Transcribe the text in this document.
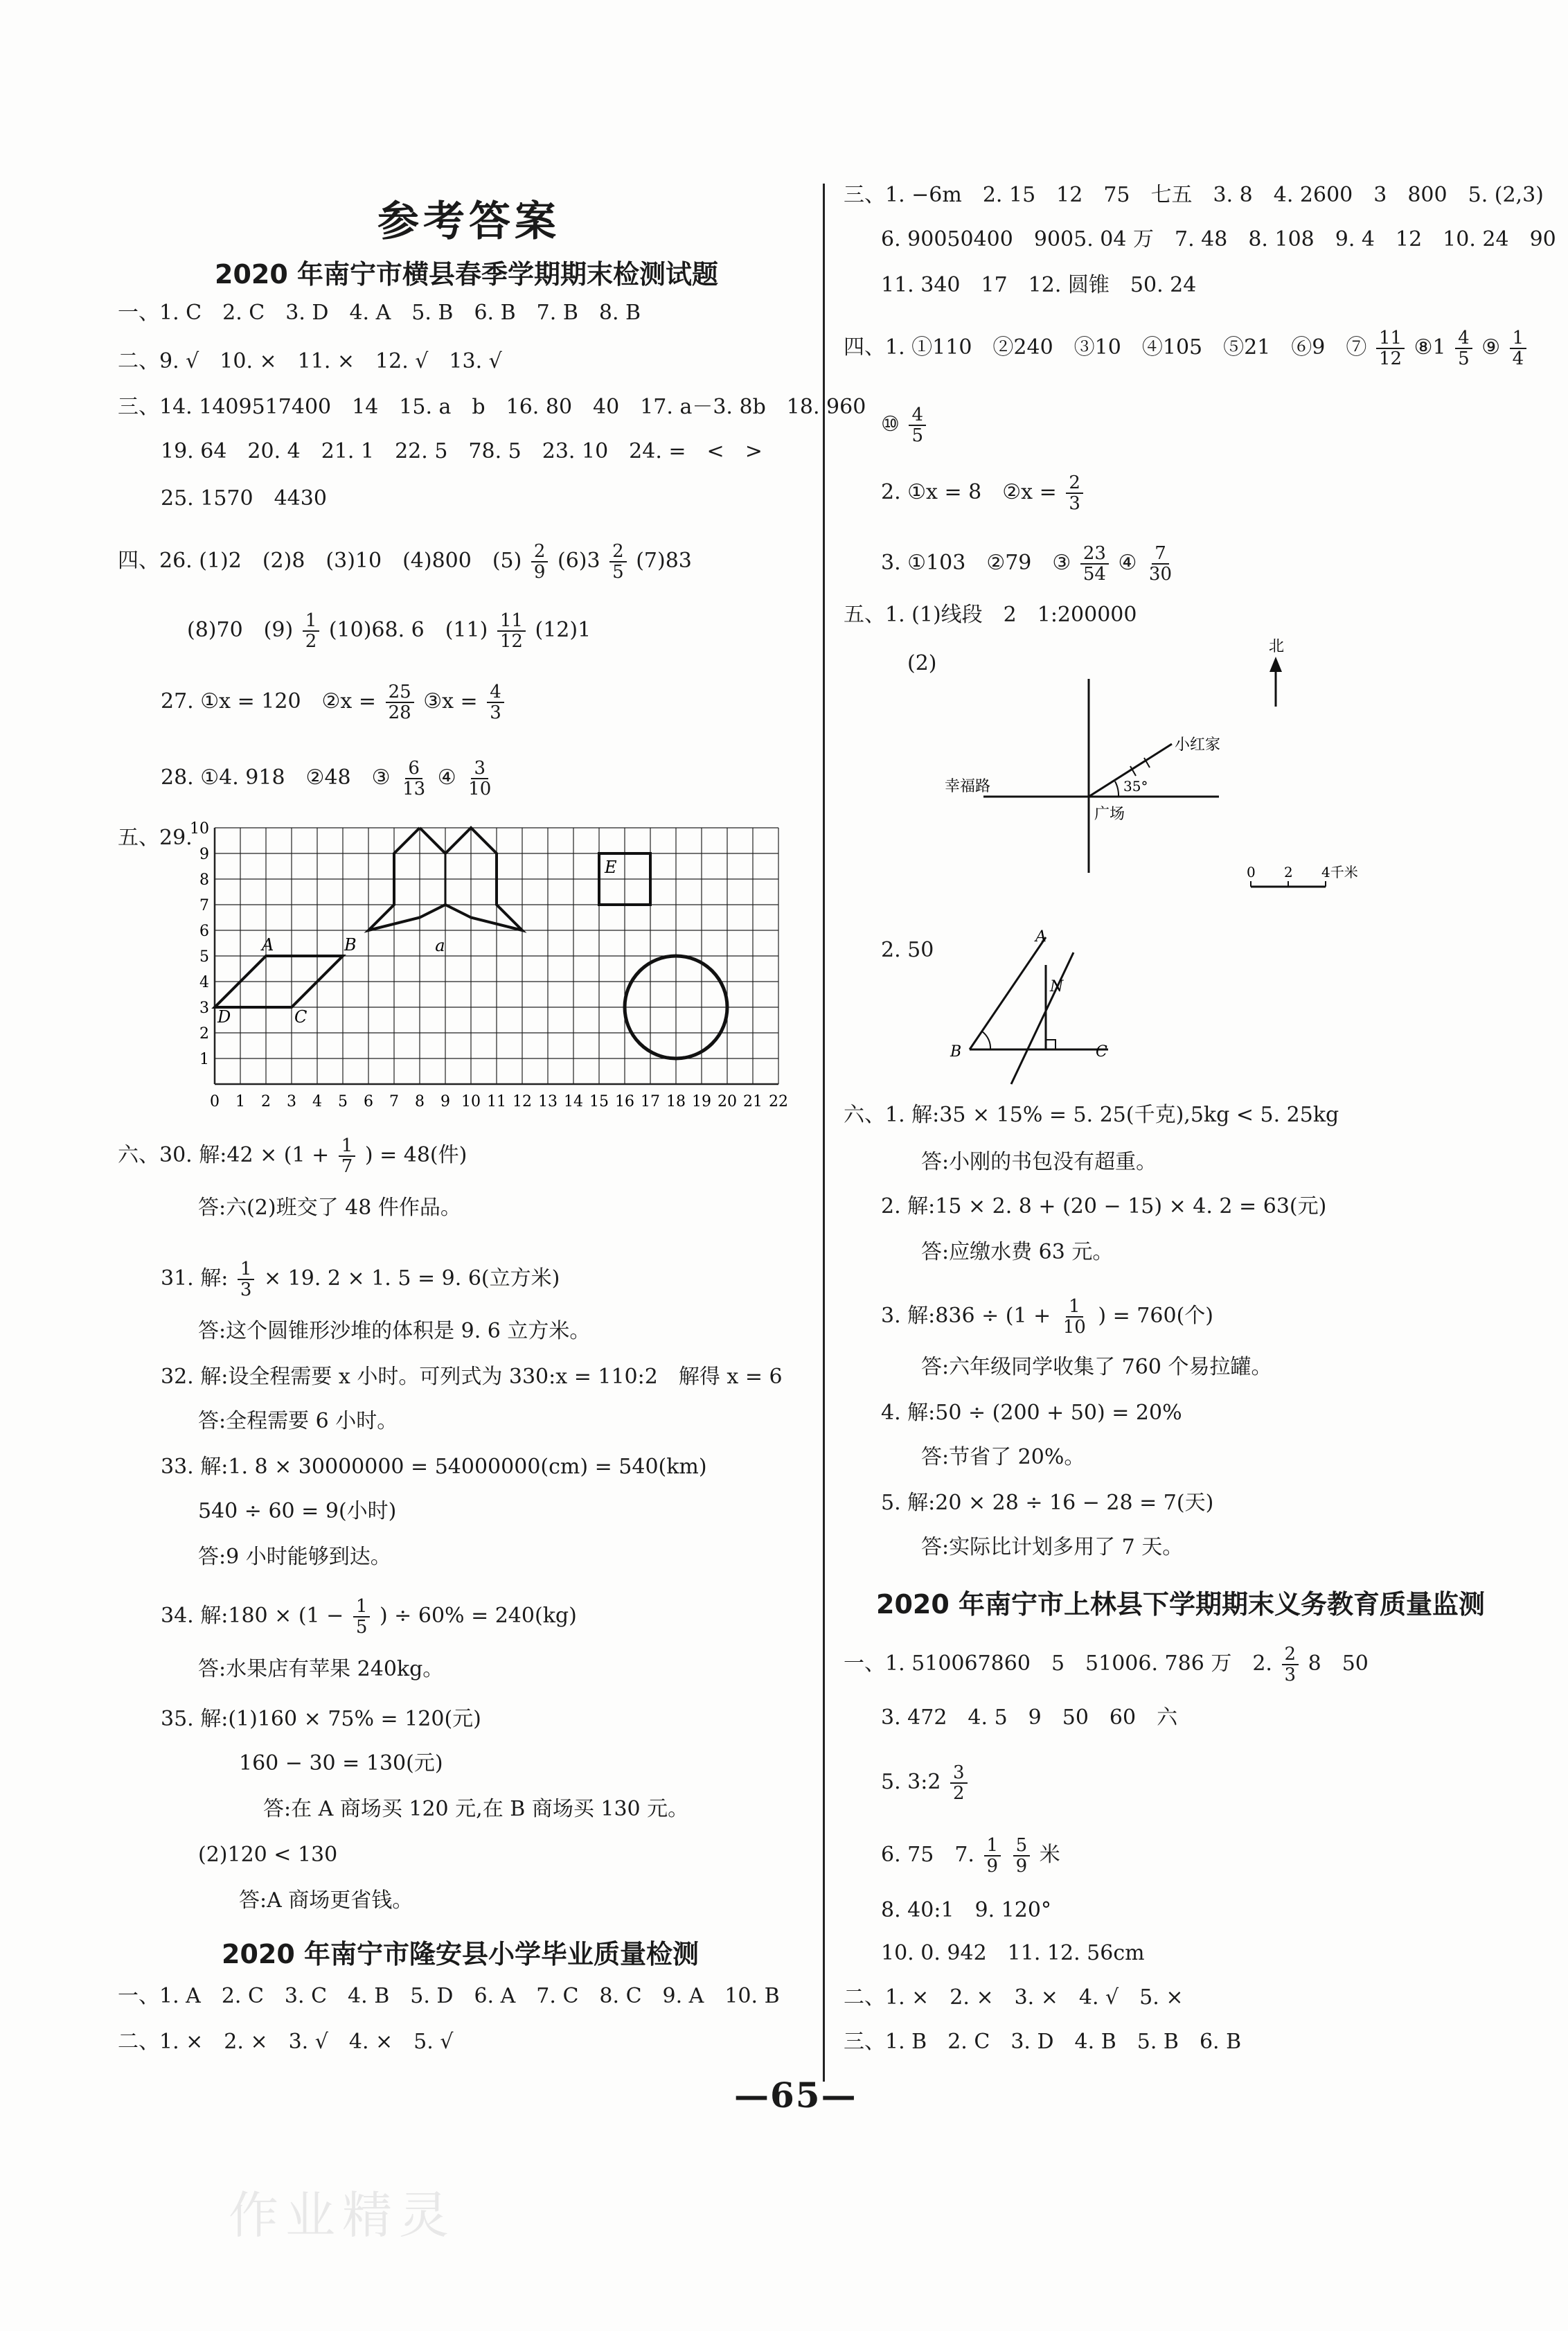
参考答案
2020 年南宁市横县春季学期期末检测试题
一、1. C　2. C　3. D　4. A　5. B　6. B　7. B　8. B
二、9. √　10. ×　11. ×　12. √　13. √
三、14. 1409517400　14　15. a　b　16. 80　40　17. a－3. 8b　18. 960
19. 64　20. 4　21. 1　22. 5　78. 5　23. 10　24. =　<　>
25. 1570　4430
四、26. (1)2　(2)8　(3)10　(4)800　$(5) \frac{2}{9} (6)3 \frac{2}{5} (7)83$
(8)70　$(9) \frac{1}{2} (10)68$. 6　$(11) \frac{11}{12} (12)1$
27. ①x = 120　②x = $\frac{25}{28}$ ③x = $\frac{4}{3}$
28. ①4. 918　②48　③ $\frac{6}{13}$ ④ $\frac{3}{10}$
五、29.
1
2
3
4
5
6
7
8
9
10
0 1 2 3 4 5 6 7 8 9 10 11 12 13 14 15 16 17 18 19 20 21 22
A	B
C
D
E
a
六、30. 解:42 × ($1 + \frac{1}{7}$ ) = 48(件)
答:六(2)班交了 48 件作品。
31. 解: $\frac{1}{3} \times 19$. 2 × 1. 5 = 9. 6(立方米)
答:这个圆锥形沙堆的体积是 9. 6 立方米。
32. 解:设全程需要 x 小时。可列式为 330:x = 110:2　解得 x = 6
答:全程需要 6 小时。
33. 解:1. 8 × 30000000 = 54000000(cm) = 540(km)
540 ÷ 60 = 9(小时)
答:9 小时能够到达。
34. 解:180 × ($1 - \frac{1}{5}$ ) ÷ 60% = 240(kg)
答:水果店有苹果 240kg。
35. 解:(1)160 × 75% = 120(元)
160 − 30 = 130(元)
答:在 A 商场买 120 元,在 B 商场买 130 元。
(2)120 < 130
答:A 商场更省钱。
2020 年南宁市隆安县小学毕业质量检测
一、1. A　2. C　3. C　4. B　5. D　6. A　7. C　8. C　9. A　10. B
二、1. ×　2. ×　3. √　4. ×　5. √
三、1. −6m　2. 15　12　75　七五　3. 8　4. 2600　3　800　5. (2,3)
6. 90050400　9005. 04 万　7. 48　8. 108　9. 4　12　10. 24　90
11. 340　17　12. 圆锥　50. 24
四、1. ①110　②240　③10　④105　⑤21　⑥9　⑦ $\frac{11}{12}$ ⑧1 $\frac{4}{5}$ ⑨ $\frac{1}{4}$
⑩ $\frac{4}{5}$
2. ①x = 8　②x = $\frac{2}{3}$
3. ①103　②79　③ $\frac{23}{54}$ ④ $\frac{7}{30}$
五、1. (1)线段　2　1:200000
(2)
北
小红家
幸福路
广场
35°
0 2 4千米
2. 50
A
N
B	C
六、1. 解:35 × 15% = 5. 25(千克),5kg < 5. 25kg
答:小刚的书包没有超重。
2. 解:15 × 2. 8 + (20 − 15) × 4. 2 = 63(元)
答:应缴水费 63 元。
3. 解:836 ÷ ($1 + \frac{1}{10}$ ) = 760(个)
答:六年级同学收集了 760 个易拉罐。
4. 解:50 ÷ (200 + 50) = 20%
答:节省了 20%。
5. 解:20 × 28 ÷ 16 − 28 = 7(天)
答:实际比计划多用了 7 天。
2020 年南宁市上林县下学期期末义务教育质量监测
一、1. 510067860　5　51006. 786 万　2. $\frac{2}{3} 8$　50
3. 472　4. 5　9　50　60　六
5. 3:2 $\frac{3}{2}$
6. 75　7. $\frac{1}{9}$
$\frac{5}{9}$ 米
8. 40:1　9. 120°
10. 0. 942　11. 12. 56cm
二、1. ×　2. ×　3. ×　4. √　5. ×
三、1. B　2. C　3. D　4. B　5. B　6. B
—65—
作业精灵
